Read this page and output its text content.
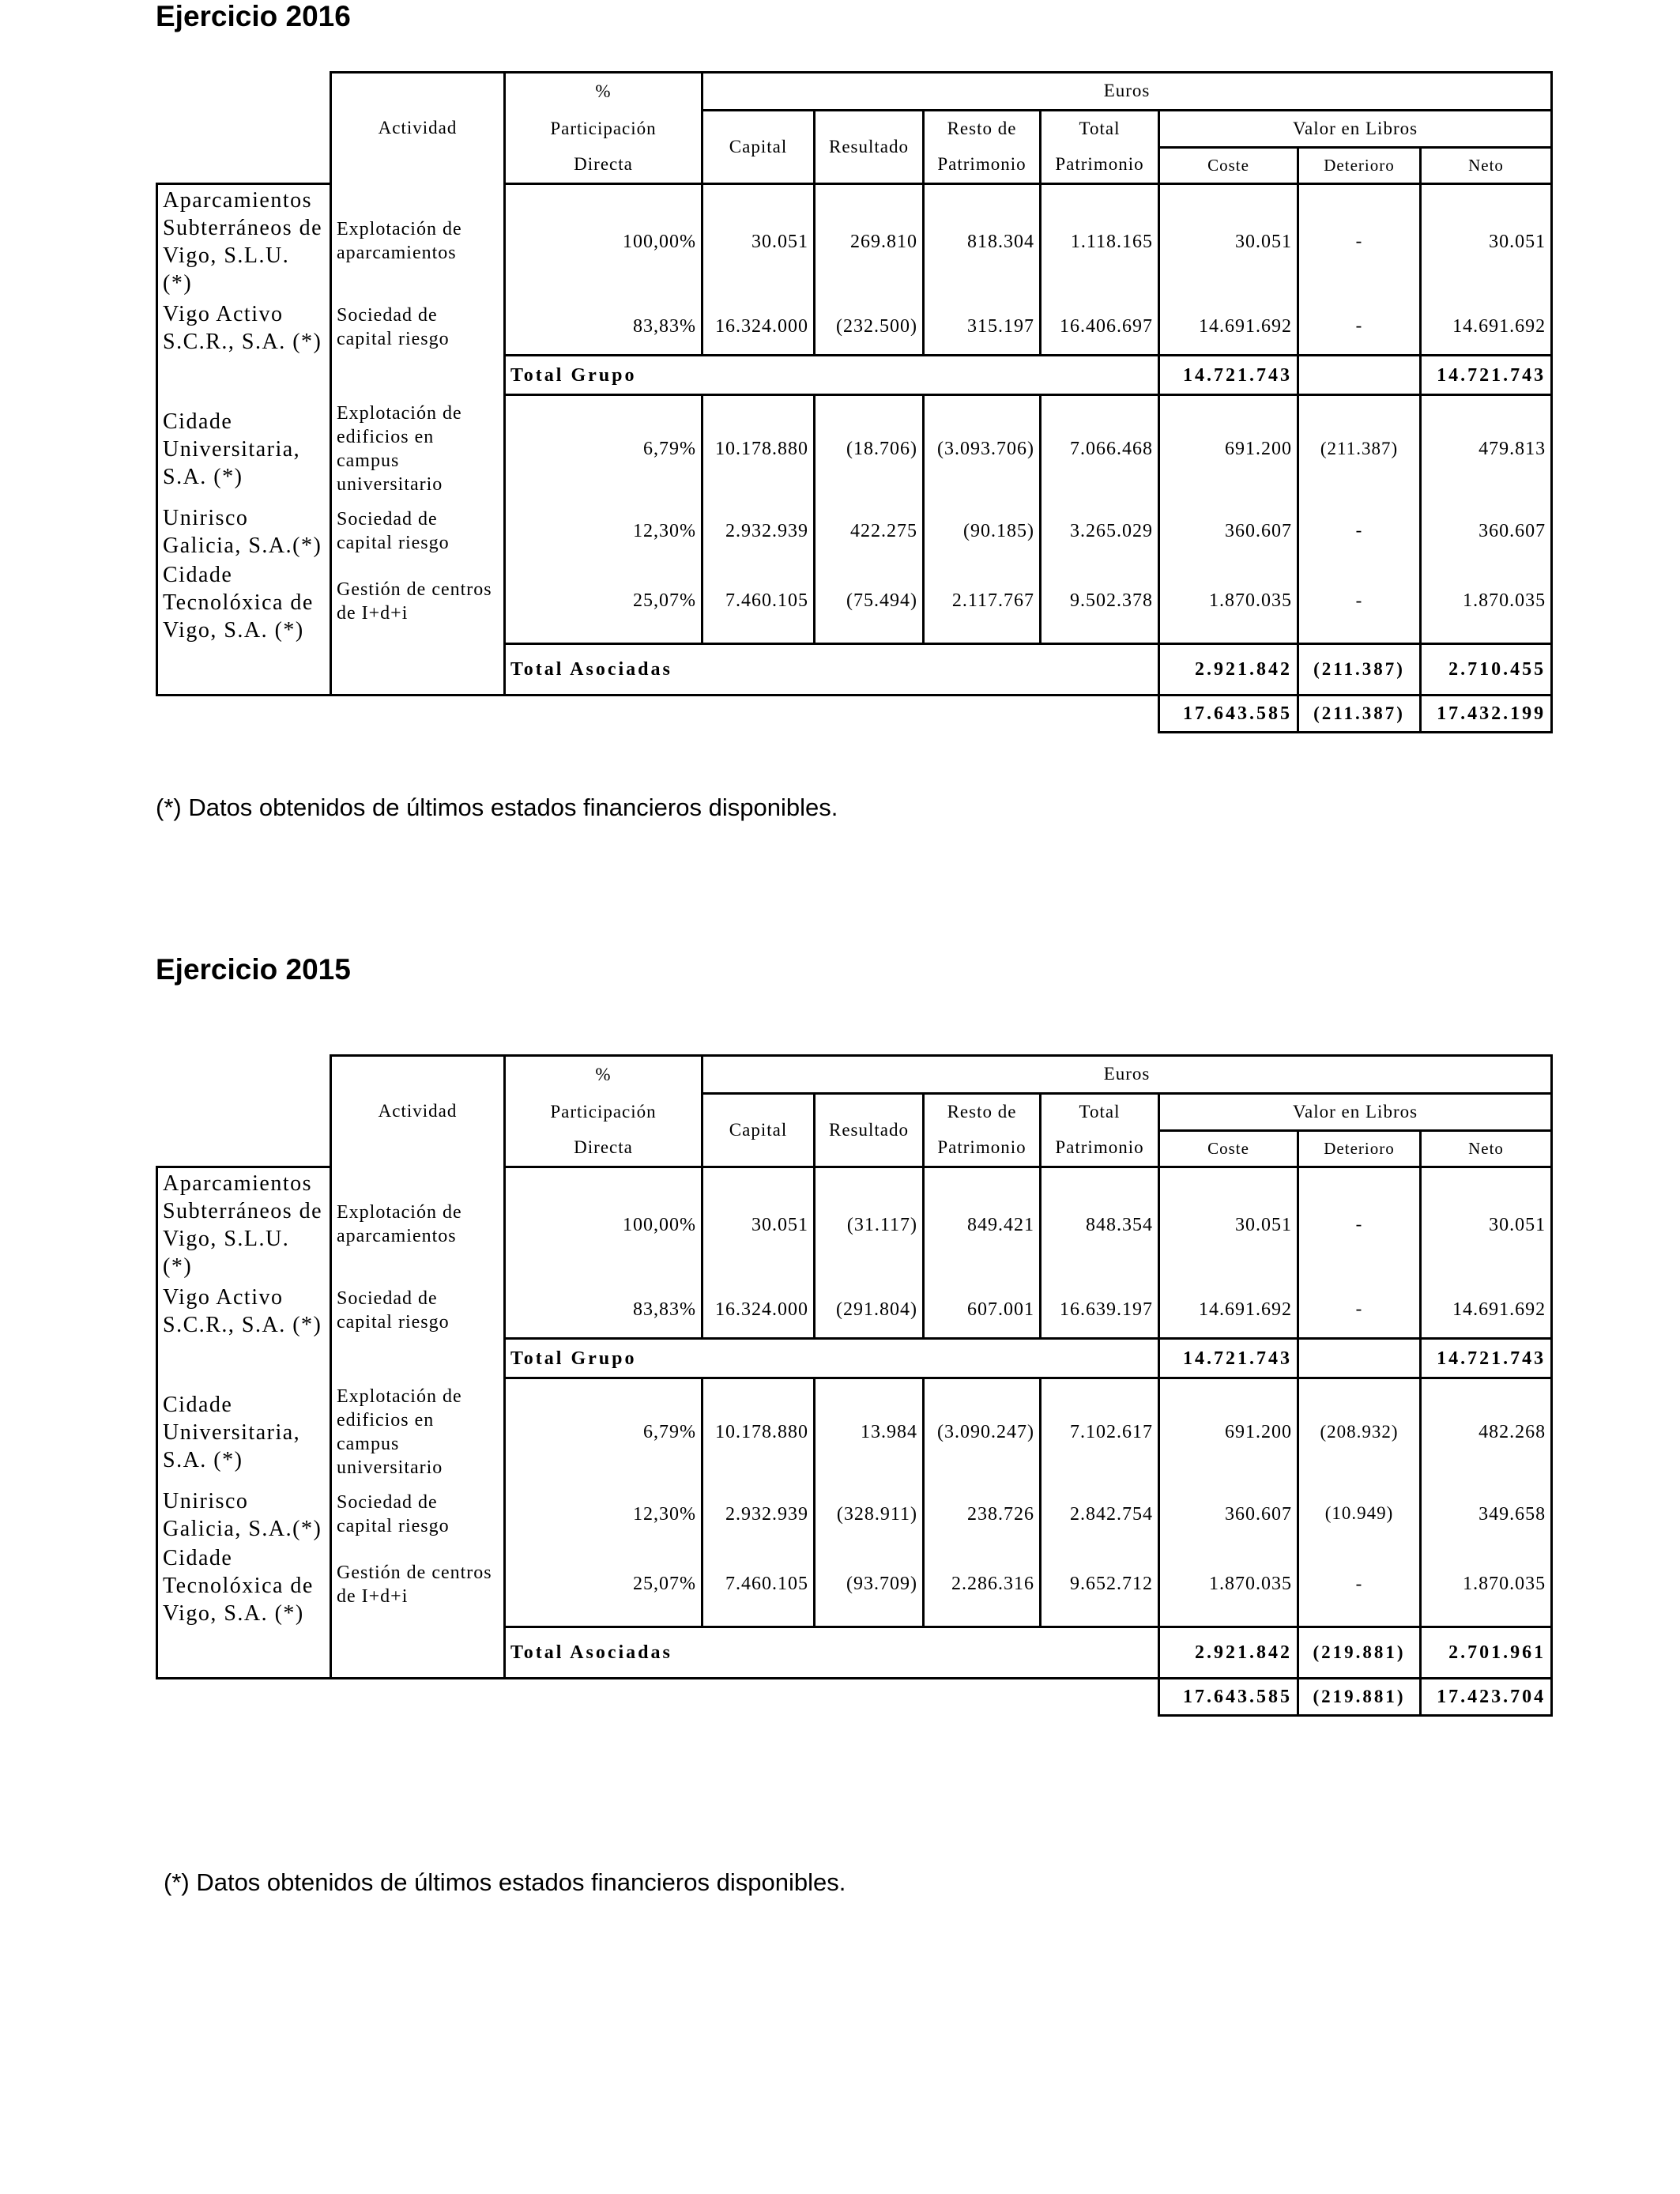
Ejercicio 2016
	Actividad	%	Euros						
		Participación	Capital	Resultado	Resto de	Total	Valor en Libros		
		Directa			Patrimonio	Patrimonio	Coste	Deterioro	Neto
Aparcamientos Subterráneos de Vigo, S.L.U. (*)	Explotación de aparcamientos	100,00%	30.051	269.810	818.304	1.118.165	30.051	-	30.051
Vigo Activo S.C.R., S.A. (*)	Sociedad de capital riesgo	83,83%	16.324.000	(232.500)	315.197	16.406.697	14.691.692	-	14.691.692
		Total Grupo					14.721.743		14.721.743
Cidade Universitaria, S.A. (*)	Explotación de edificios en campus universitario	6,79%	10.178.880	(18.706)	(3.093.706)	7.066.468	691.200	(211.387)	479.813
Unirisco Galicia, S.A.(*)	Sociedad de capital riesgo	12,30%	2.932.939	422.275	(90.185)	3.265.029	360.607	-	360.607
Cidade Tecnolóxica de Vigo, S.A. (*)	Gestión de centros de I+d+i	25,07%	7.460.105	(75.494)	2.117.767	9.502.378	1.870.035	-	1.870.035
		Total Asociadas					2.921.842	(211.387)	2.710.455
							17.643.585	(211.387)	17.432.199

(*) Datos obtenidos de últimos estados financieros disponibles.

Ejercicio 2015
	Actividad	%	Euros						
		Participación	Capital	Resultado	Resto de	Total	Valor en Libros		
		Directa			Patrimonio	Patrimonio	Coste	Deterioro	Neto
Aparcamientos Subterráneos de Vigo, S.L.U. (*)	Explotación de aparcamientos	100,00%	30.051	(31.117)	849.421	848.354	30.051	-	30.051
Vigo Activo S.C.R., S.A. (*)	Sociedad de capital riesgo	83,83%	16.324.000	(291.804)	607.001	16.639.197	14.691.692	-	14.691.692
		Total Grupo					14.721.743		14.721.743
Cidade Universitaria, S.A. (*)	Explotación de edificios en campus universitario	6,79%	10.178.880	13.984	(3.090.247)	7.102.617	691.200	(208.932)	482.268
Unirisco Galicia, S.A.(*)	Sociedad de capital riesgo	12,30%	2.932.939	(328.911)	238.726	2.842.754	360.607	(10.949)	349.658
Cidade Tecnolóxica de Vigo, S.A. (*)	Gestión de centros de I+d+i	25,07%	7.460.105	(93.709)	2.286.316	9.652.712	1.870.035	-	1.870.035
		Total Asociadas					2.921.842	(219.881)	2.701.961
							17.643.585	(219.881)	17.423.704

(*) Datos obtenidos de últimos estados financieros disponibles.
